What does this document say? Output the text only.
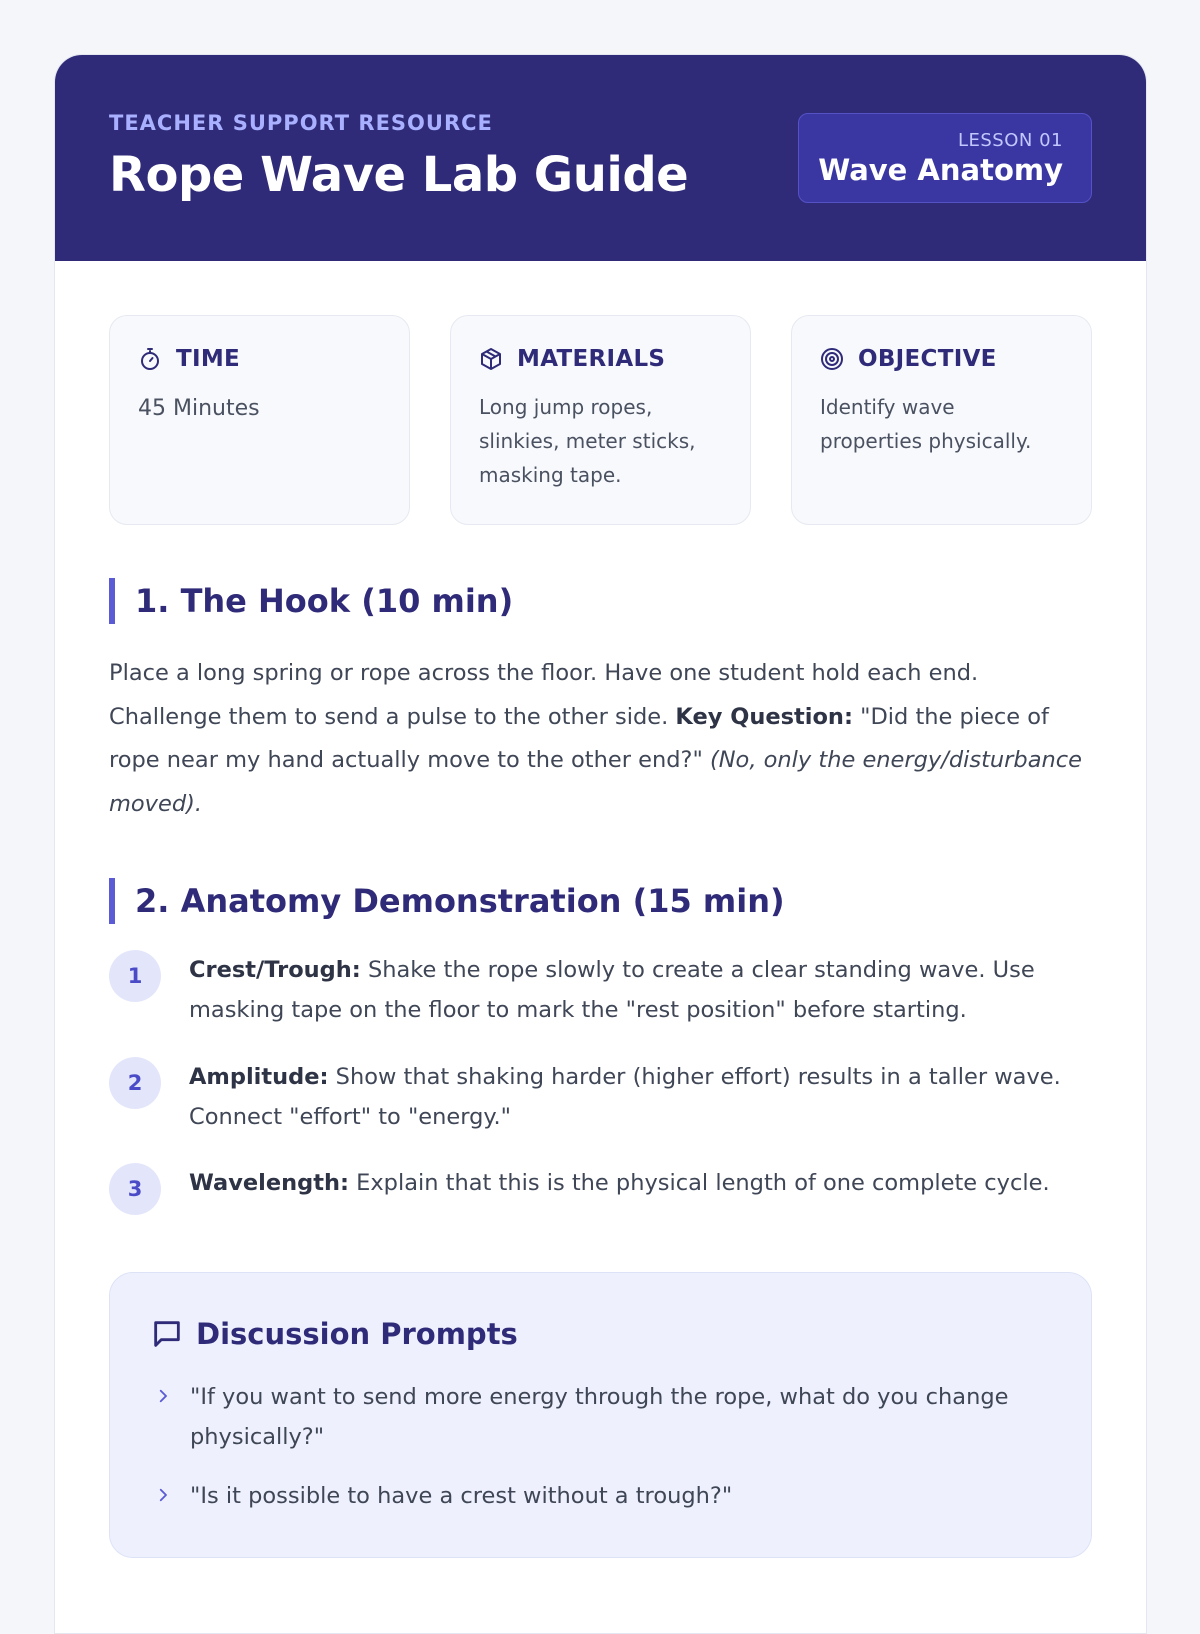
TEACHER SUPPORT RESOURCE
Rope Wave Lab Guide
LESSON 01
Wave Anatomy
TIME
45 Minutes
MATERIALS
Long jump ropes, slinkies, meter sticks, masking tape.
OBJECTIVE
Identify wave properties physically.
1. The Hook (10 min)
Place a long spring or rope across the floor. Have one student hold each end. Challenge them to send a pulse to the other side. Key Question: "Did the piece of rope near my hand actually move to the other end?" (No, only the energy/disturbance moved).
2. Anatomy Demonstration (15 min)
1	Crest/Trough: Shake the rope slowly to create a clear standing wave. Use masking tape on the floor to mark the "rest position" before starting.
2	Amplitude: Show that shaking harder (higher effort) results in a taller wave. Connect "effort" to "energy."
3	Wavelength: Explain that this is the physical length of one complete cycle.
Discussion Prompts
"If you want to send more energy through the rope, what do you change physically?"
"Is it possible to have a crest without a trough?"
